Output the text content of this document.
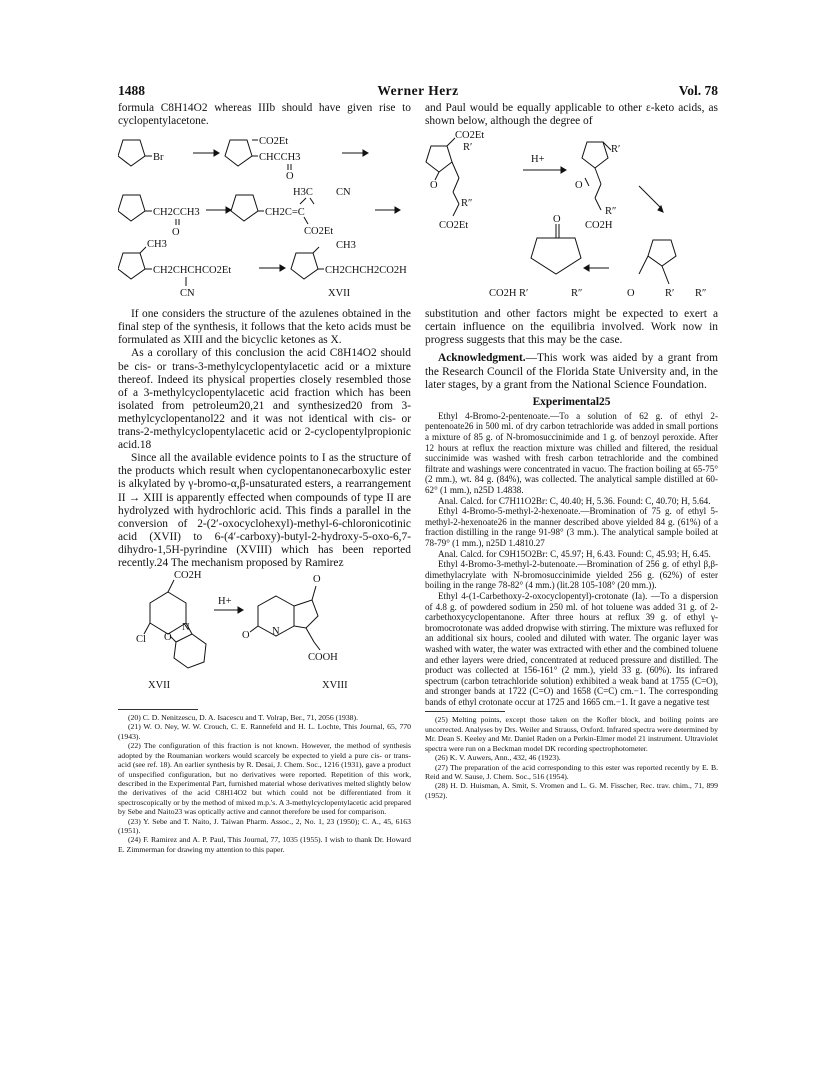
1488	Werner Herz	Vol. 78

formula C8H14O2 whereas IIIb should have given rise to cyclopentylacetone.

Br
CO2Et
CHCCH3
O
CH2CCH3
O
H3C CN
CH2C=C
CO2Et
CH3
CH2CHCHCO2Et
CN
CH3
CH2CHCH2CO2H
XVII

If one considers the structure of the azulenes obtained in the final step of the synthesis, it follows that the keto acids must be formulated as XIII and the bicyclic ketones as X.

As a corollary of this conclusion the acid C8H14O2 should be cis- or trans-3-methylcyclopentylacetic acid or a mixture thereof. Indeed its physical properties closely resembled those of a 3-methylcyclopentylacetic acid fraction which has been isolated from petroleum20,21 and synthesized20 from 3-methylcyclopentanol22 and it was not identical with cis- or trans-2-methylcyclopentylacetic acid or 2-cyclopentylpropionic acid.18

Since all the available evidence points to I as the structure of the products which result when cyclopentanonecarboxylic ester is alkylated by γ-bromo-α,β-unsaturated esters, a rearrangement II → XIII is apparently effected when compounds of type II are hydrolyzed with hydrochloric acid. This finds a parallel in the conversion of 2-(2′-oxocyclohexyl)-methyl-6-chloronicotinic acid (XVII) to 6-(4′-carboxy)-butyl-2-hydroxy-5-oxo-6,7-dihydro-1,5H-pyrindine (XVIII) which has been reported recently.24 The mechanism proposed by Ramirez

CO2H
H+
N
Cl O
O
N
O
COOH
XVII	XVIII

(20) C. D. Nenitzescu, D. A. Isacescu and T. Volrap, Ber., 71, 2056 (1938).

(21) W. O. Ney, W. W. Crouch, C. E. Rannefeld and H. L. Lochte, This Journal, 65, 770 (1943).

(22) The configuration of this fraction is not known. However, the method of synthesis adopted by the Roumanian workers would scarcely be expected to yield a pure cis- or trans-acid (see ref. 18). An earlier synthesis by R. Desai, J. Chem. Soc., 1216 (1931), gave a product of unspecified configuration, but no derivatives were reported. Repetition of this work, described in the Experimental Part, furnished material whose derivatives melted slightly below the derivatives of the acid C8H14O2 but which could not be differentiated from it spectroscopically or by the method of mixed m.p.'s. A 3-methylcyclopentylacetic acid prepared by Sebe and Naito23 was optically active and cannot therefore be used for comparison.

(23) Y. Sebe and T. Naito, J. Taiwan Pharm. Assoc., 2, No. 1, 23 (1950); C. A., 45, 6163 (1951).

(24) F. Ramirez and A. P. Paul, This Journal, 77, 1035 (1955). I wish to thank Dr. Howard E. Zimmerman for drawing my attention to this paper.

and Paul would be equally applicable to other ε-keto acids, as shown below, although the degree of

CO2Et
R′
H+
R′
O	O
R″
R″
CO2Et	CO2H
O
CO2H R′	R″	O	R′ R″

substitution and other factors might be expected to exert a certain influence on the equilibria involved. Work now in progress suggests that this may be the case.

Acknowledgment.—This work was aided by a grant from the Research Council of the Florida State University and, in the later stages, by a grant from the National Science Foundation.

Experimental25

Ethyl 4-Bromo-2-pentenoate.—To a solution of 62 g. of ethyl 2-pentenoate26 in 500 ml. of dry carbon tetrachloride was added in small portions a mixture of 85 g. of N-bromosuccinimide and 1 g. of benzoyl peroxide. After 12 hours at reflux the reaction mixture was chilled and filtered, the residual succinimide was washed with fresh carbon tetrachloride and the combined filtrate and washings were concentrated in vacuo. The fraction boiling at 65-75° (2 mm.), wt. 84 g. (84%), was collected. The analytical sample distilled at 60-62° (1 mm.), n25D 1.4838.

Anal. Calcd. for C7H11O2Br: C, 40.40; H, 5.36. Found: C, 40.70; H, 5.64.

Ethyl 4-Bromo-5-methyl-2-hexenoate.—Bromination of 75 g. of ethyl 5-methyl-2-hexenoate26 in the manner described above yielded 84 g. (61%) of a fraction distilling in the range 91-98° (3 mm.). The analytical sample boiled at 78-79° (1 mm.), n25D 1.4810.27

Anal. Calcd. for C9H15O2Br: C, 45.97; H, 6.43. Found: C, 45.93; H, 6.45.

Ethyl 4-Bromo-3-methyl-2-butenoate.—Bromination of 256 g. of ethyl β,β-dimethylacrylate with N-bromosuccinimide yielded 256 g. (62%) of ester boiling in the range 78-82° (4 mm.) (lit.28 105-108° (20 mm.)).

Ethyl 4-(1-Carbethoxy-2-oxocyclopentyl)-crotonate (Ia). —To a dispersion of 4.8 g. of powdered sodium in 250 ml. of hot toluene was added 31 g. of 2-carbethoxycyclopentanone. After three hours at reflux 39 g. of ethyl γ-bromocrotonate was added dropwise with stirring. The mixture was refluxed for an additional six hours, cooled and diluted with water. The organic layer was washed with water, the water was extracted with ether and the combined toluene and ether layers were dried, concentrated at reduced pressure and distilled. The product was collected at 156-161° (2 mm.), yield 33 g. (60%). Its infrared spectrum (carbon tetrachloride solution) exhibited a weak band at 1755 (C=O), and stronger bands at 1722 (C=O) and 1658 (C=C) cm.−1. The corresponding bands of ethyl crotonate occur at 1725 and 1665 cm.−1. It gave a negative test

(25) Melting points, except those taken on the Kofler block, and boiling points are uncorrected. Analyses by Drs. Weiler and Strauss, Oxford. Infrared spectra were determined by Mr. Dean S. Keeley and Mr. Daniel Raden on a Perkin-Elmer model 21 instrument. Ultraviolet spectra were run on a Beckman model DK recording spectrophotometer.

(26) K. V. Auwers, Ann., 432, 46 (1923).

(27) The preparation of the acid corresponding to this ester was reported recently by E. B. Reid and W. Sause, J. Chem. Soc., 516 (1954).

(28) H. D. Huisman, A. Smit, S. Vromen and L. G. M. Fisscher, Rec. trav. chim., 71, 899 (1952).
